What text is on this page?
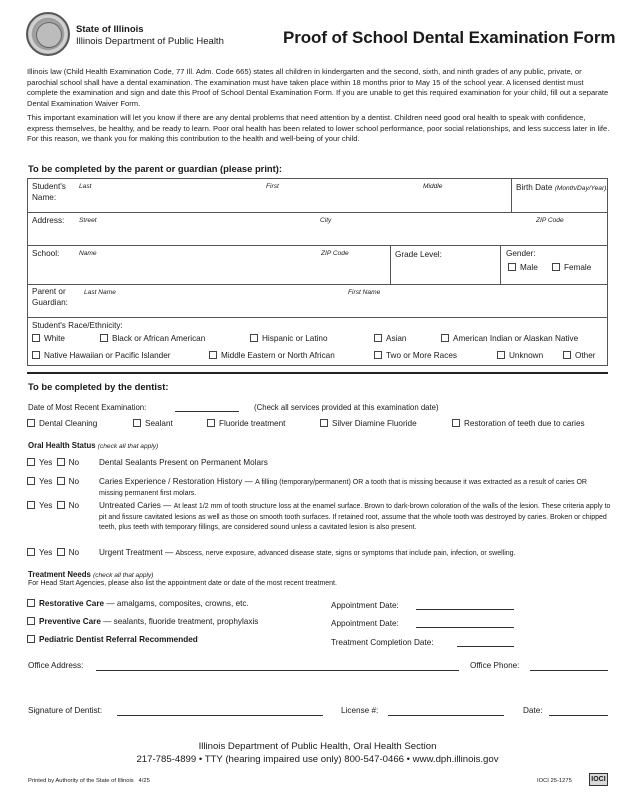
State of Illinois
Illinois Department of Public Health	Proof of School Dental Examination Form
Illinois law (Child Health Examination Code, 77 Ill. Adm. Code 665) states all children in kindergarten and the second, sixth, and ninth grades of any public, private, or parochial school shall have a dental examination. The examination must have taken place within 18 months prior to May 15 of the school year. A licensed dentist must complete the examination and sign and date this Proof of School Dental Examination Form. If you are unable to get this required examination for your child, fill out a separate Dental Examination Waiver Form.
This important examination will let you know if there are any dental problems that need attention by a dentist. Children need good oral health to speak with confidence, express themselves, be healthy, and be ready to learn. Poor oral health has been related to lower school performance, poor social relationships, and less success later in life. For this reason, we thank you for making this contribution to the health and well-being of your child.
To be completed by the parent or guardian (please print):
Student's
Name:
Last	First	Middle	Birth Date (Month/Day/Year):
Address: Street	City	ZIP Code
School:	Name	ZIP Code	Grade Level:	Gender:
Male	Female
Parent or
Guardian:
Last Name	First Name
Student's Race/Ethnicity:
White	Black or African American	Hispanic or Latino	Asian	American Indian or Alaskan Native
Native Hawaiian or Pacific Islander	Middle Eastern or North African	Two or More Races	Unknown	Other
To be completed by the dentist:
Date of Most Recent Examination:	(Check all services provided at this examination date)
Dental Cleaning	Sealant	Fluoride treatment	Silver Diamine Fluoride	Restoration of teeth due to caries
Oral Health Status (check all that apply)
Yes No Dental Sealants Present on Permanent Molars
Yes No Caries Experience / Restoration History — A filling (temporary/permanent) OR a tooth that is missing because it was extracted as a result of caries OR missing permanent first molars.
Yes No Untreated Caries — At least 1/2 mm of tooth structure loss at the enamel surface. Brown to dark-brown coloration of the walls of the lesion. These criteria apply to pit and fissure cavitated lesions as well as those on smooth tooth surfaces. If retained root, assume that the whole tooth was destroyed by caries. Broken or chipped teeth, plus teeth with temporary fillings, are considered sound unless a cavitated lesion is also present.
Yes No Urgent Treatment — Abscess, nerve exposure, advanced disease state, signs or symptoms that include pain, infection, or swelling.
Treatment Needs (check all that apply)
For Head Start Agencies, please also list the appointment date or date of the most recent treatment.
Restorative Care — amalgams, composites, crowns, etc.	Appointment Date:
Preventive Care — sealants, fluoride treatment, prophylaxis	Appointment Date:
Pediatric Dentist Referral Recommended	Treatment Completion Date:
Office Address:	Office Phone:
Signature of Dentist:	License #:	Date:
Illinois Department of Public Health, Oral Health Section
217-785-4899 • TTY (hearing impaired use only) 800-547-0466 • www.dph.illinois.gov
Printed by Authority of the State of Illinois 4/25	IOCI 25-1275	IOCI
